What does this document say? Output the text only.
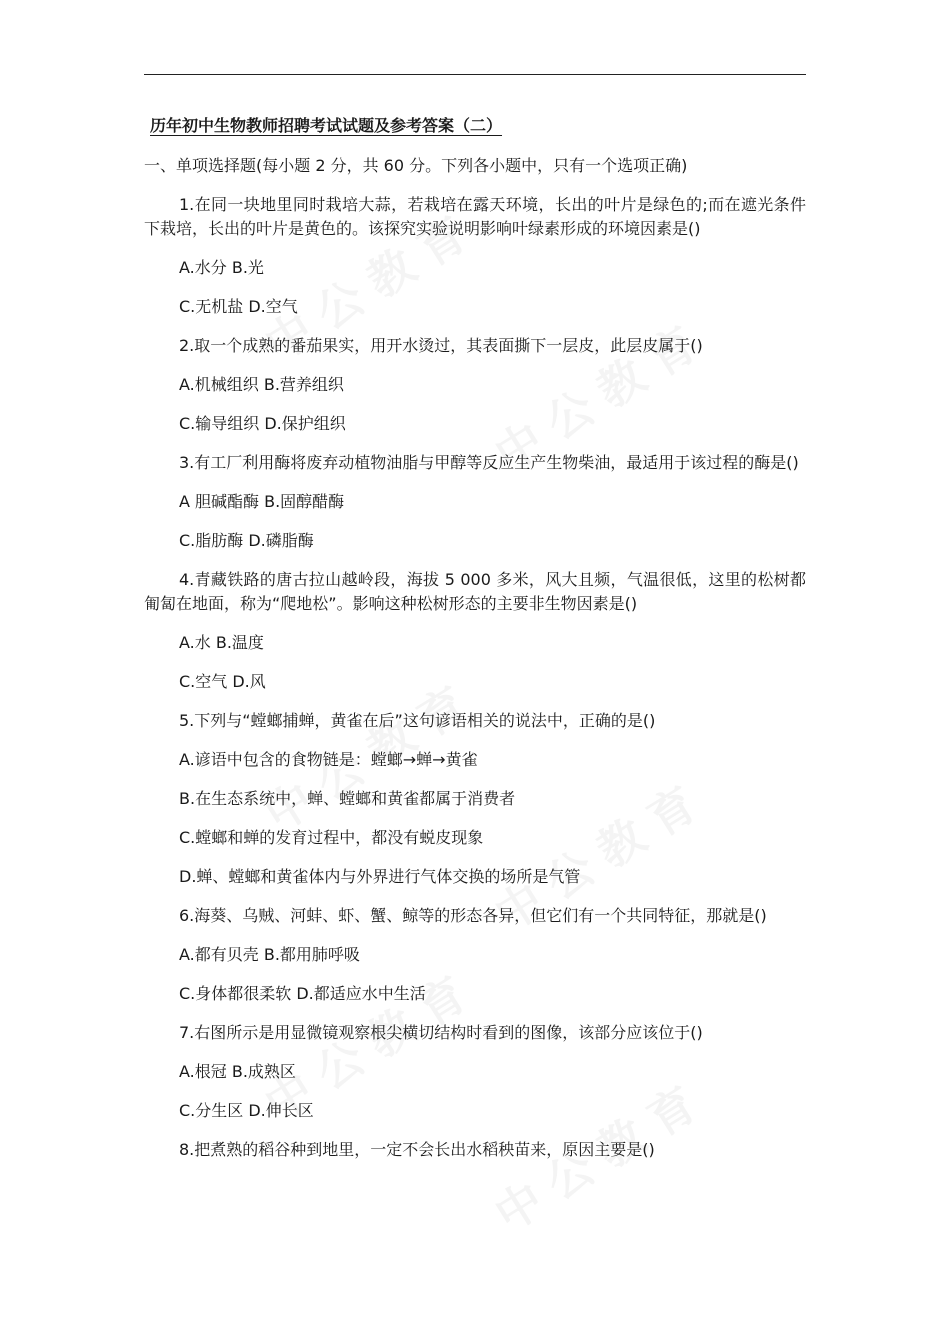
历年初中生物教师招聘考试试题及参考答案（二）
一、单项选择题(每小题 2 分，共 60 分。下列各小题中，只有一个选项正确)
1.在同一块地里同时栽培大蒜，若栽培在露天环境，长出的叶片是绿色的;而在遮光条件下栽培，长出的叶片是黄色的。该探究实验说明影响叶绿素形成的环境因素是()
A.水分 B.光
C.无机盐 D.空气
2.取一个成熟的番茄果实，用开水烫过，其表面撕下一层皮，此层皮属于()
A.机械组织 B.营养组织
C.输导组织 D.保护组织
3.有工厂利用酶将废弃动植物油脂与甲醇等反应生产生物柴油，最适用于该过程的酶是()
A 胆碱酯酶 B.固醇醋酶
C.脂肪酶 D.磷脂酶
4.青藏铁路的唐古拉山越岭段，海拔 5 000 多米，风大且频，气温很低，这里的松树都匍匐在地面，称为“爬地松”。影响这种松树形态的主要非生物因素是()
A.水 B.温度
C.空气 D.风
5.下列与“螳螂捕蝉，黄雀在后”这句谚语相关的说法中，正确的是()
A.谚语中包含的食物链是：螳螂→蝉→黄雀
B.在生态系统中，蝉、螳螂和黄雀都属于消费者
C.螳螂和蝉的发育过程中，都没有蜕皮现象
D.蝉、螳螂和黄雀体内与外界进行气体交换的场所是气管
6.海葵、乌贼、河蚌、虾、蟹、鲸等的形态各异，但它们有一个共同特征，那就是()
A.都有贝壳 B.都用肺呼吸
C.身体都很柔软 D.都适应水中生活
7.右图所示是用显微镜观察根尖横切结构时看到的图像，该部分应该位于()
A.根冠 B.成熟区
C.分生区 D.伸长区
8.把煮熟的稻谷种到地里，一定不会长出水稻秧苗来，原因主要是()
